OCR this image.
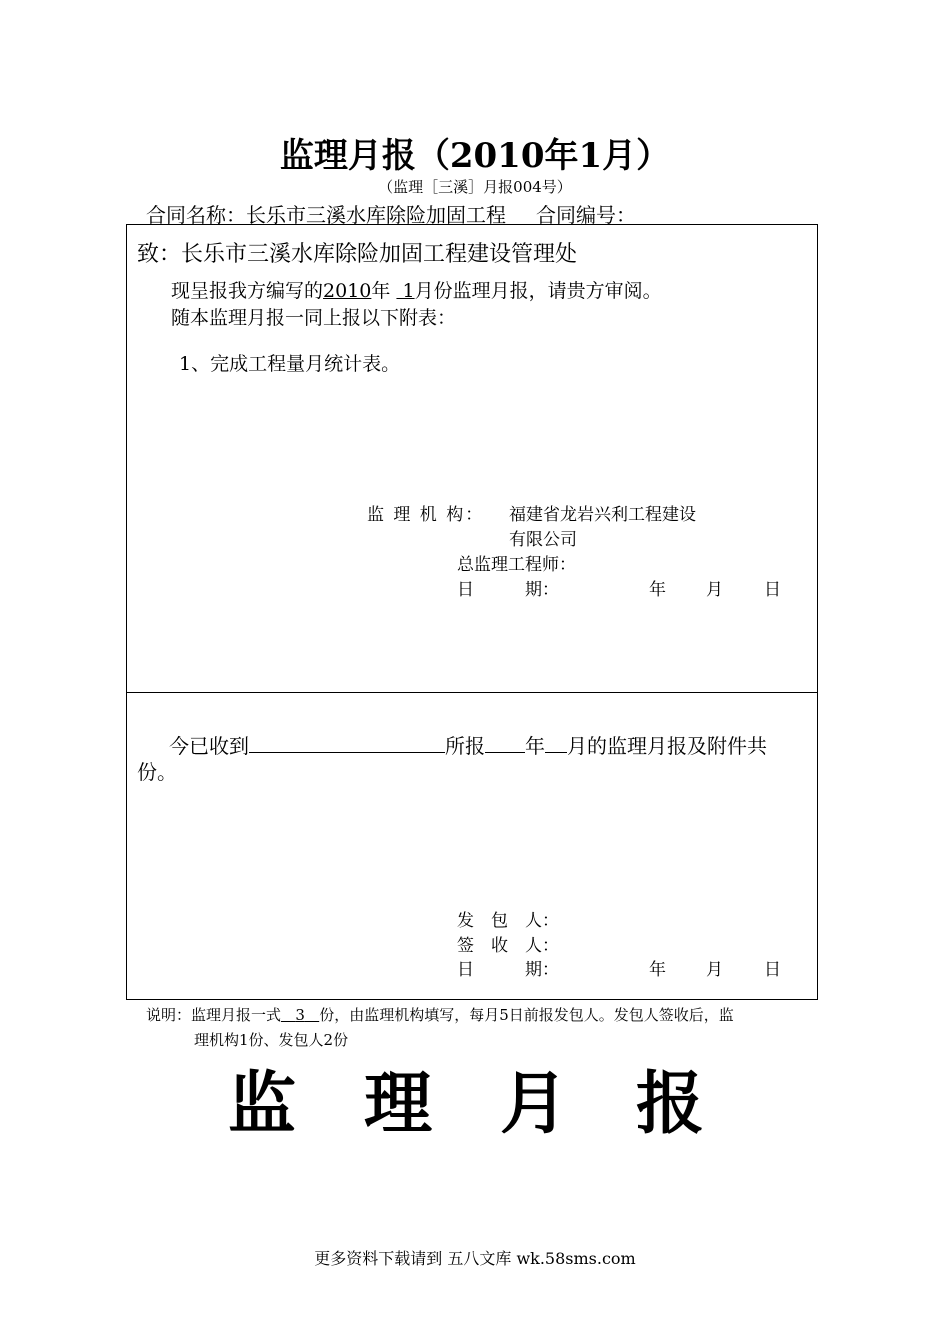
监理月报（2010年1月）
（监理［三溪］月报004号）
合同名称：长乐市三溪水库除险加固工程 合同编号：
致：长乐市三溪水库除险加固工程建设管理处
现呈报我方编写的2010年 1月份监理月报，请贵方审阅。
随本监理月报一同上报以下附表：
1、完成工程量月统计表。
监 理 机 构： 福建省龙岩兴利工程建设
有限公司
总监理工程师：
日　　　期：	年 月 日
今已收到	所报 年 月的监理月报及附件共
份。
发　包　人：
签　收　人：
日　　　期：	年 月 日
说明：监理月报一式 3 份，由监理机构填写，每月5日前报发包人。发包人签收后，监
理机构1份、发包人2份
监理月报
更多资料下载请到 五八文库 wk.58sms.com
